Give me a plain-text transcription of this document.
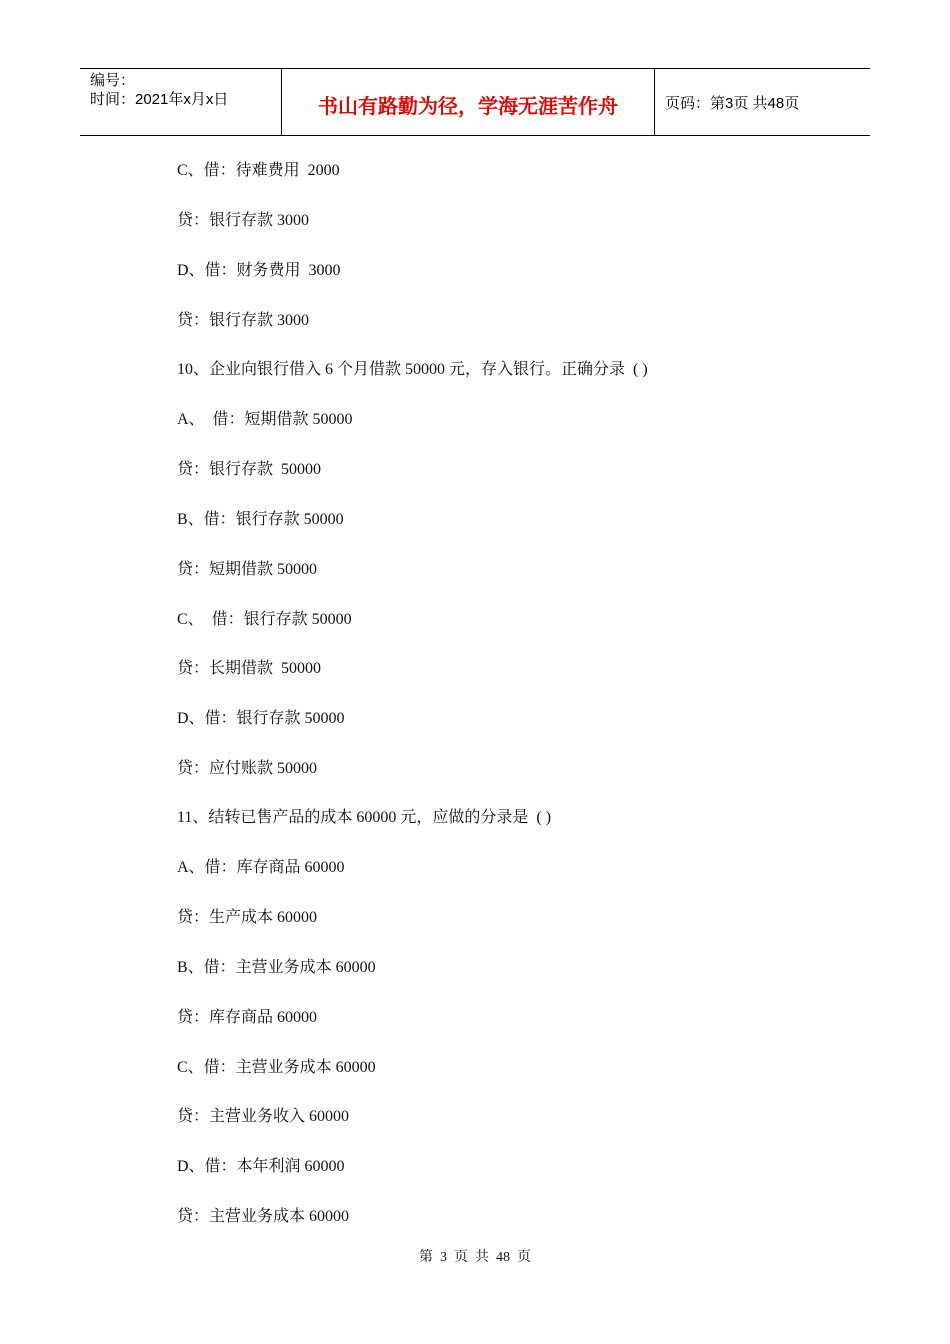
编号：
时间：2021年x月x日	书山有路勤为径，学海无涯苦作舟	页码：第3页 共48页
C、借：待难费用  2000
贷：银行存款 3000
D、借：财务费用  3000
贷：银行存款 3000
10、企业向银行借入 6 个月借款 50000 元，存入银行。正确分录  ( )
A、  借：短期借款 50000
贷：银行存款  50000
B、借：银行存款 50000
贷：短期借款 50000
C、  借：银行存款 50000
贷：长期借款  50000
D、借：银行存款 50000
贷：应付账款 50000
11、结转已售产品的成本 60000 元，应做的分录是  ( )
A、借：库存商品 60000
贷：生产成本 60000
B、借：主营业务成本 60000
贷：库存商品 60000
C、借：主营业务成本 60000
贷：主营业务收入 60000
D、借：本年利润 60000
贷：主营业务成本 60000
第  3  页  共  48  页
